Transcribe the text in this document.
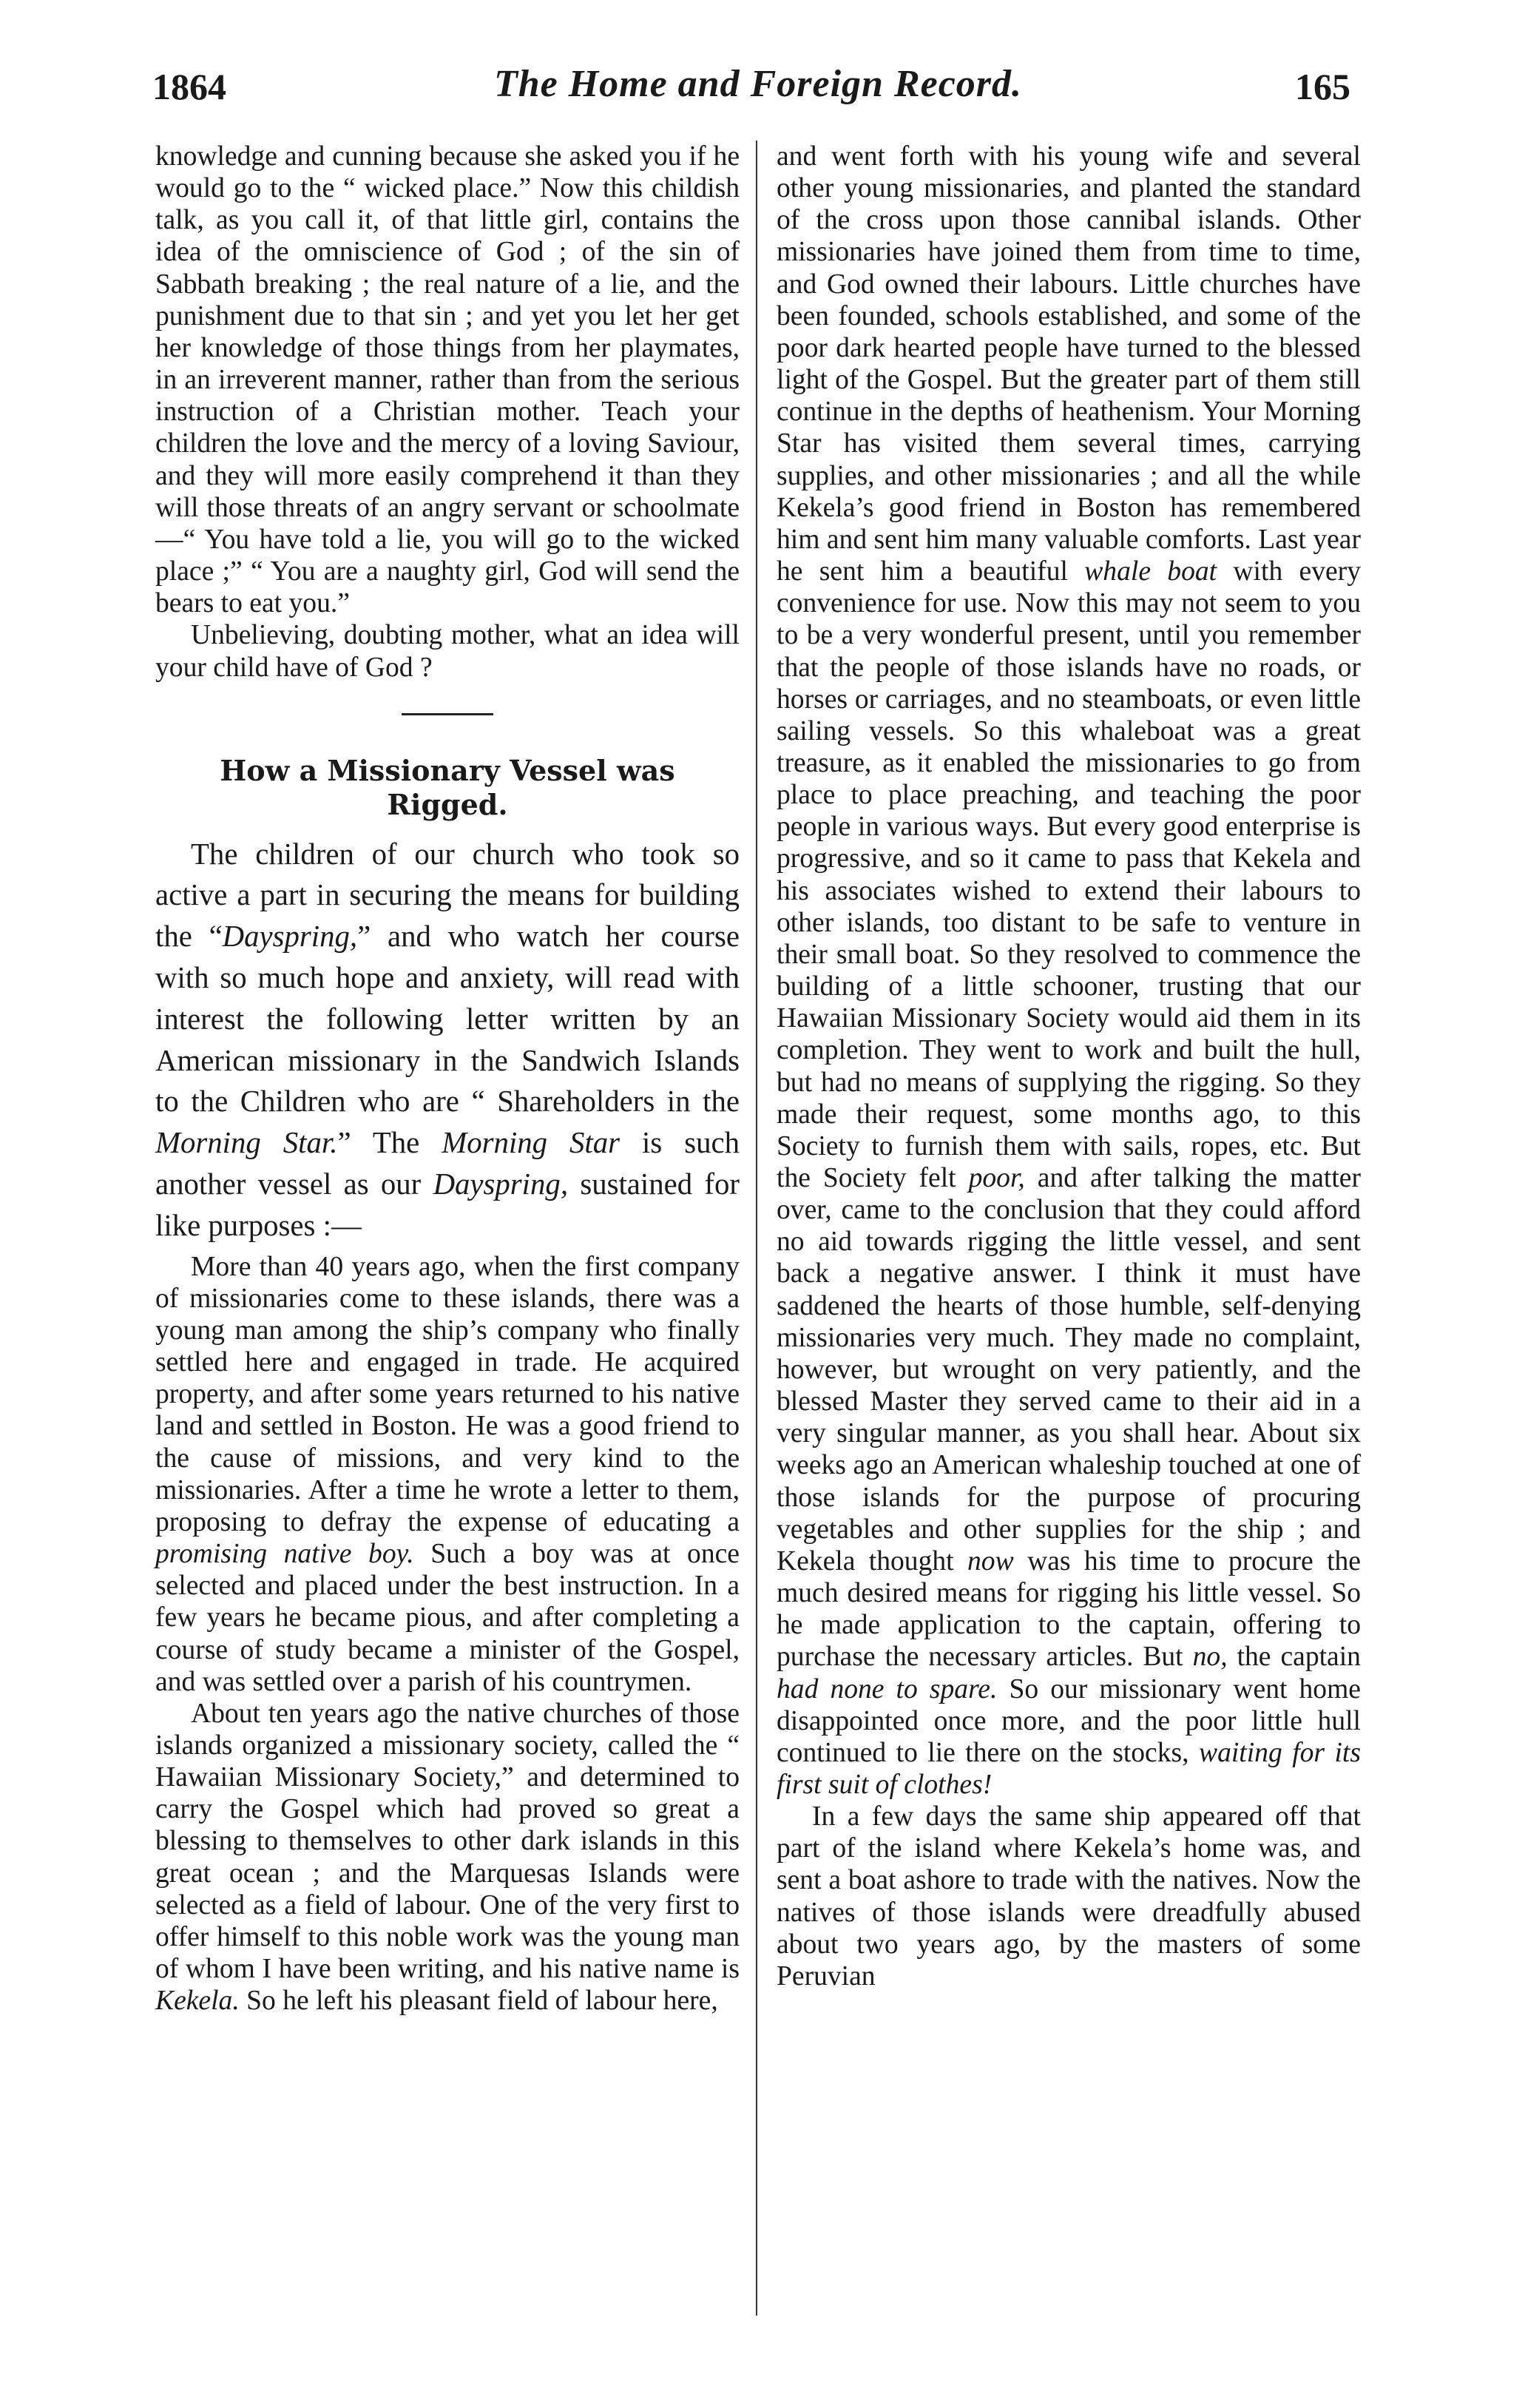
1864	The Home and Foreign Record.	165

knowledge and cunning because she asked you if he would go to the “ wicked place.” Now this childish talk, as you call it, of that little girl, contains the idea of the omniscience of God ; of the sin of Sabbath breaking ; the real nature of a lie, and the punishment due to that sin ; and yet you let her get her knowledge of those things from her playmates, in an irreverent manner, rather than from the serious instruction of a Christian mother. Teach your children the love and the mercy of a loving Saviour, and they will more easily comprehend it than they will those threats of an angry servant or schoolmate—“ You have told a lie, you will go to the wicked place ;” “ You are a naughty girl, God will send the bears to eat you.”

Unbelieving, doubting mother, what an idea will your child have of God ?

How a Missionary Vessel was
Rigged.

The children of our church who took so active a part in securing the means for building the “Dayspring,” and who watch her course with so much hope and anxiety, will read with interest the following letter written by an American missionary in the Sandwich Islands to the Children who are “ Shareholders in the Morning Star.” The Morning Star is such another vessel as our Dayspring, sustained for like purposes :—

More than 40 years ago, when the first company of missionaries come to these islands, there was a young man among the ship’s company who finally settled here and engaged in trade. He acquired property, and after some years returned to his native land and settled in Boston. He was a good friend to the cause of missions, and very kind to the missionaries. After a time he wrote a letter to them, proposing to defray the expense of educating a promising native boy. Such a boy was at once selected and placed under the best instruction. In a few years he became pious, and after completing a course of study became a minister of the Gospel, and was settled over a parish of his countrymen.

About ten years ago the native churches of those islands organized a missionary society, called the “ Hawaiian Missionary Society,” and determined to carry the Gospel which had proved so great a blessing to themselves to other dark islands in this great ocean ; and the Marquesas Islands were selected as a field of labour. One of the very first to offer himself to this noble work was the young man of whom I have been writing, and his native name is Kekela. So he left his pleasant field of labour here,

and went forth with his young wife and several other young missionaries, and planted the standard of the cross upon those cannibal islands. Other missionaries have joined them from time to time, and God owned their labours. Little churches have been founded, schools established, and some of the poor dark hearted people have turned to the blessed light of the Gospel. But the greater part of them still continue in the depths of heathenism. Your Morning Star has visited them several times, carrying supplies, and other missionaries ; and all the while Kekela’s good friend in Boston has remembered him and sent him many valuable comforts. Last year he sent him a beautiful whale boat with every convenience for use. Now this may not seem to you to be a very wonderful present, until you remember that the people of those islands have no roads, or horses or carriages, and no steamboats, or even little sailing vessels. So this whaleboat was a great treasure, as it enabled the missionaries to go from place to place preaching, and teaching the poor people in various ways. But every good enterprise is progressive, and so it came to pass that Kekela and his associates wished to extend their labours to other islands, too distant to be safe to venture in their small boat. So they resolved to commence the building of a little schooner, trusting that our Hawaiian Missionary Society would aid them in its completion. They went to work and built the hull, but had no means of supplying the rigging. So they made their request, some months ago, to this Society to furnish them with sails, ropes, etc. But the Society felt poor, and after talking the matter over, came to the conclusion that they could afford no aid towards rigging the little vessel, and sent back a negative answer. I think it must have saddened the hearts of those humble, self-denying missionaries very much. They made no complaint, however, but wrought on very patiently, and the blessed Master they served came to their aid in a very singular manner, as you shall hear. About six weeks ago an American whaleship touched at one of those islands for the purpose of procuring vegetables and other supplies for the ship ; and Kekela thought now was his time to procure the much desired means for rigging his little vessel. So he made application to the captain, offering to purchase the necessary articles. But no, the captain had none to spare. So our missionary went home disappointed once more, and the poor little hull continued to lie there on the stocks, waiting for its first suit of clothes!

In a few days the same ship appeared off that part of the island where Kekela’s home was, and sent a boat ashore to trade with the natives. Now the natives of those islands were dreadfully abused about two years ago, by the masters of some Peruvian
